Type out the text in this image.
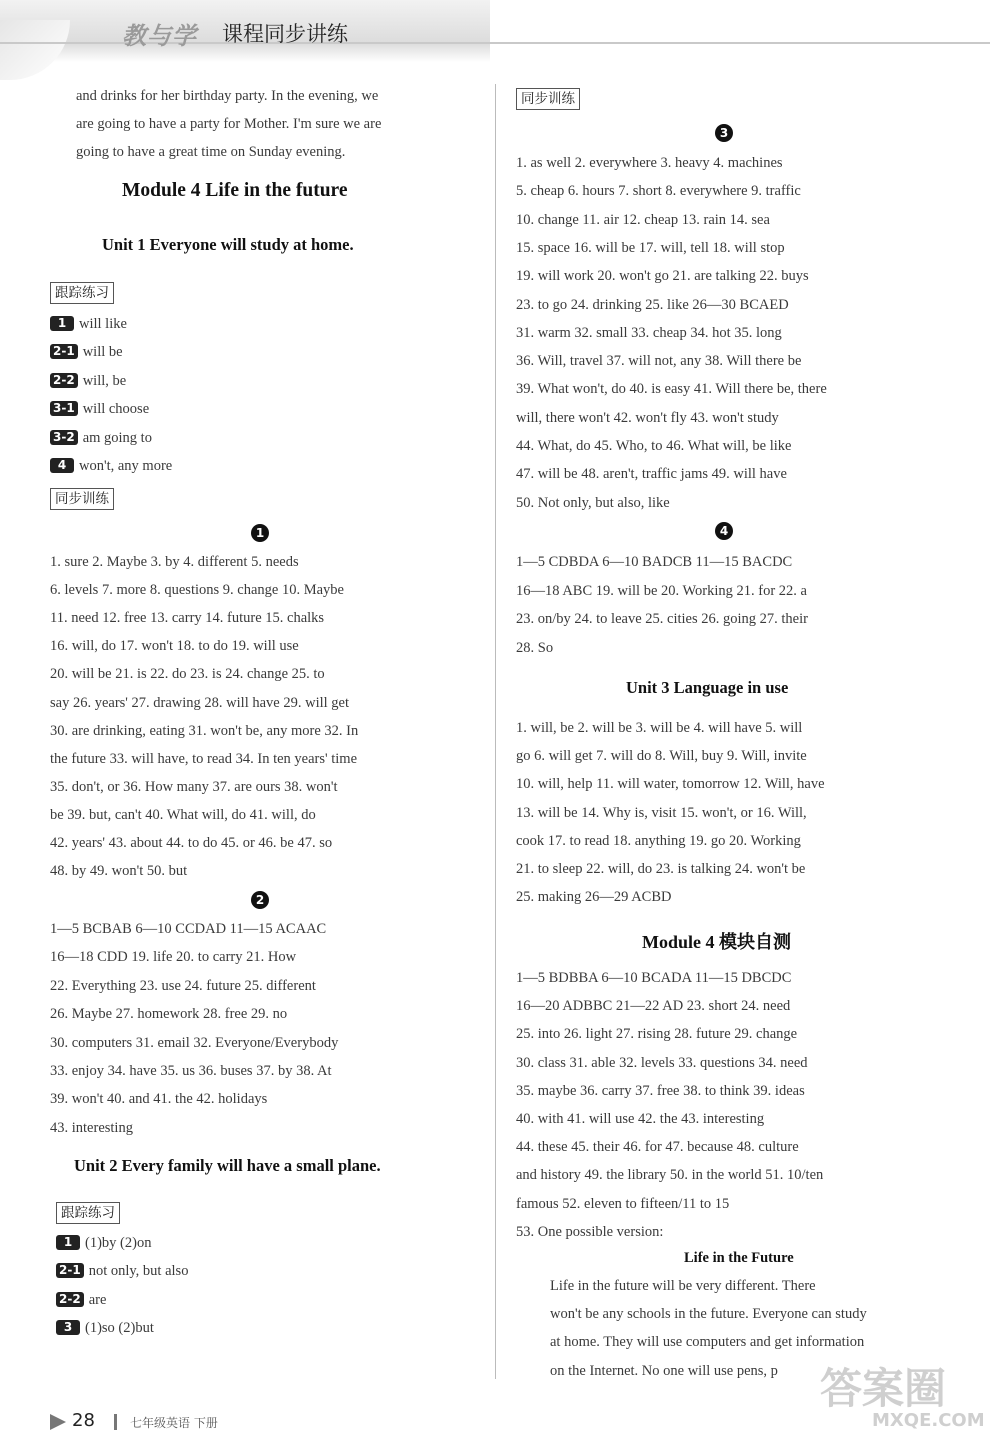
教与学 课程同步讲练
and drinks for her birthday party. In the evening, we
are going to have a party for Mother. I'm sure we are
going to have a great time on Sunday evening.
Module 4 Life in the future
Unit 1 Everyone will study at home.
跟踪练习
1 will like
2-1 will be
2-2 will, be
3-1 will choose
3-2 am going to
4 won't, any more
同步训练
1
1. sure 2. Maybe 3. by 4. different 5. needs
6. levels 7. more 8. questions 9. change 10. Maybe
11. need 12. free 13. carry 14. future 15. chalks
16. will, do 17. won't 18. to do 19. will use
20. will be 21. is 22. do 23. is 24. change 25. to
say 26. years' 27. drawing 28. will have 29. will get
30. are drinking, eating 31. won't be, any more 32. In
the future 33. will have, to read 34. In ten years' time
35. don't, or 36. How many 37. are ours 38. won't
be 39. but, can't 40. What will, do 41. will, do
42. years' 43. about 44. to do 45. or 46. be 47. so
48. by 49. won't 50. but
2
1—5 BCBAB 6—10 CCDAD 11—15 ACAAC
16—18 CDD 19. life 20. to carry 21. How
22. Everything 23. use 24. future 25. different
26. Maybe 27. homework 28. free 29. no
30. computers 31. email 32. Everyone/Everybody
33. enjoy 34. have 35. us 36. buses 37. by 38. At
39. won't 40. and 41. the 42. holidays
43. interesting
Unit 2 Every family will have a small plane.
跟踪练习
1 (1)by (2)on
2-1 not only, but also
2-2 are
3 (1)so (2)but
同步训练
3
1. as well 2. everywhere 3. heavy 4. machines
5. cheap 6. hours 7. short 8. everywhere 9. traffic
10. change 11. air 12. cheap 13. rain 14. sea
15. space 16. will be 17. will, tell 18. will stop
19. will work 20. won't go 21. are talking 22. buys
23. to go 24. drinking 25. like 26—30 BCAED
31. warm 32. small 33. cheap 34. hot 35. long
36. Will, travel 37. will not, any 38. Will there be
39. What won't, do 40. is easy 41. Will there be, there
will, there won't 42. won't fly 43. won't study
44. What, do 45. Who, to 46. What will, be like
47. will be 48. aren't, traffic jams 49. will have
50. Not only, but also, like
4
1—5 CDBDA 6—10 BADCB 11—15 BACDC
16—18 ABC 19. will be 20. Working 21. for 22. a
23. on/by 24. to leave 25. cities 26. going 27. their
28. So
Unit 3 Language in use
1. will, be 2. will be 3. will be 4. will have 5. will
go 6. will get 7. will do 8. Will, buy 9. Will, invite
10. will, help 11. will water, tomorrow 12. Will, have
13. will be 14. Why is, visit 15. won't, or 16. Will,
cook 17. to read 18. anything 19. go 20. Working
21. to sleep 22. will, do 23. is talking 24. won't be
25. making 26—29 ACBD
Module 4 模块自测
1—5 BDBBA 6—10 BCADA 11—15 DBCDC
16—20 ADBBC 21—22 AD 23. short 24. need
25. into 26. light 27. rising 28. future 29. change
30. class 31. able 32. levels 33. questions 34. need
35. maybe 36. carry 37. free 38. to think 39. ideas
40. with 41. will use 42. the 43. interesting
44. these 45. their 46. for 47. because 48. culture
and history 49. the library 50. in the world 51. 10/ten
famous 52. eleven to fifteen/11 to 15
53. One possible version:
Life in the Future
Life in the future will be very different. There
won't be any schools in the future. Everyone can study
at home. They will use computers and get information
on the Internet. No one will use pens, p
28	七年级英语 下册
答案圈
MXQE.COM
